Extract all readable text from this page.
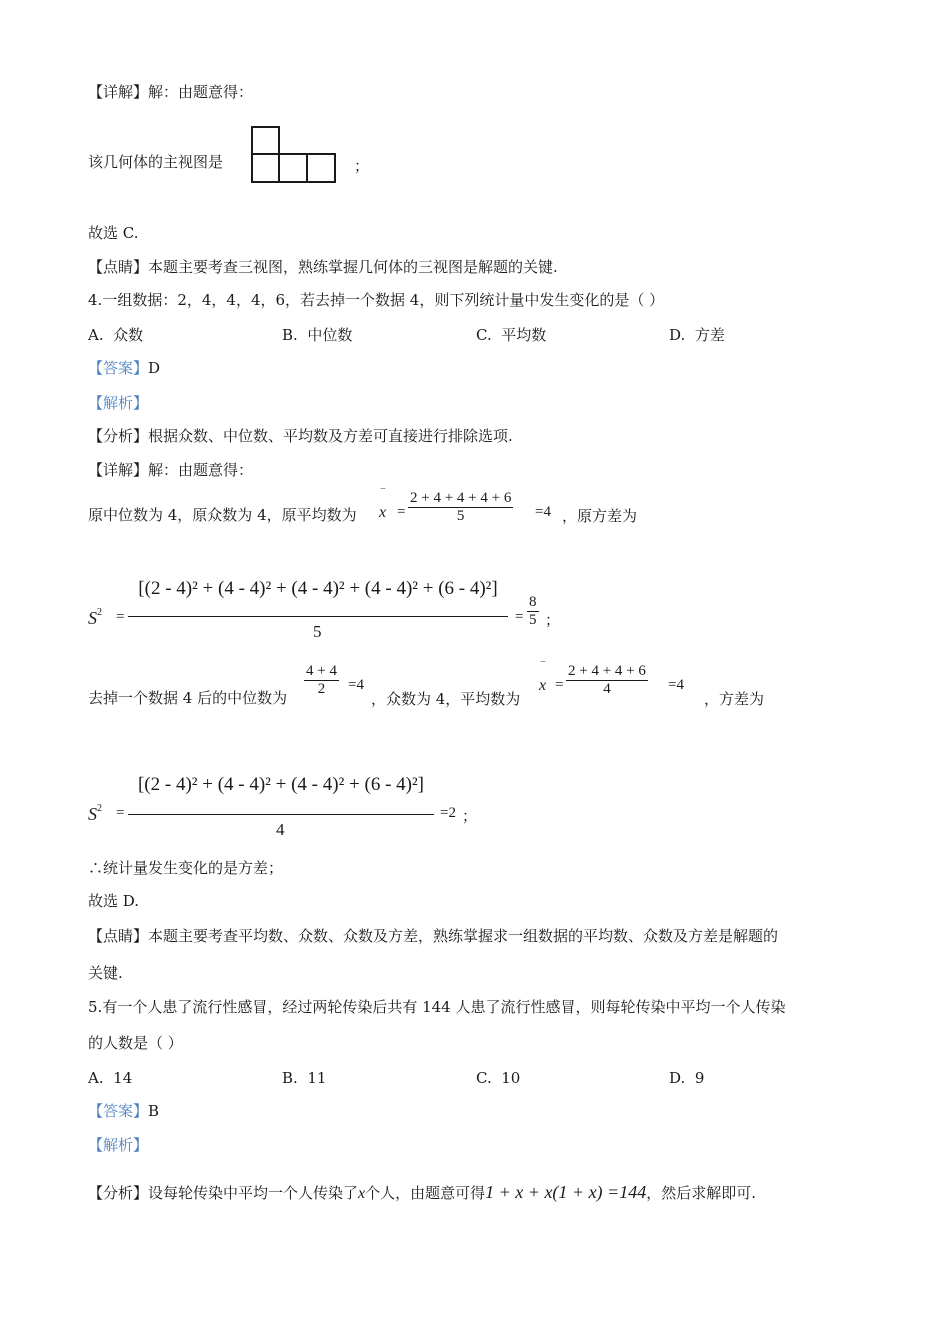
【详解】解：由题意得：
该几何体的主视图是	；
故选 C.
【点睛】本题主要考查三视图，熟练掌握几何体的三视图是解题的关键.
4.一组数据：2，4，4，4，6，若去掉一个数据 4，则下列统计量中发生变化的是（ ）
A. 众数	B. 中位数	C. 平均数	D. 方差
【答案】D
【解析】
【分析】根据众数、中位数、平均数及方差可直接进行排除选项.
【详解】解：由题意得：
原中位数为 4，原众数为 4，原平均数为 x
‾
= $\frac{2 + 4 + 4 + 4 + 6}{5} =4$ ，原方差为
$S^2$ =
[(2 - 4)² + (4 - 4)² + (4 - 4)² + (4 - 4)² + (6 - 4)²]
5
= $\frac{8}{5}$ ；
去掉一个数据 4 后的中位数为 $\frac{4 + 4}{2} =4$
，众数为 4，平均数为
x
‾
= $\frac{2 + 4 + 4 + 6}{4} =4$
，方差为
$S^2$ =
[(2 - 4)² + (4 - 4)² + (4 - 4)² + (6 - 4)²]
4
=2 ；
∴统计量发生变化的是方差；
故选 D.
【点睛】本题主要考查平均数、众数、众数及方差，熟练掌握求一组数据的平均数、众数及方差是解题的
关键.
5.有一个人患了流行性感冒，经过两轮传染后共有 144 人患了流行性感冒，则每轮传染中平均一个人传染
的人数是（ ）
A. 14	B. 11	C. 10	D. 9
【答案】B
【解析】
【分析】设每轮传染中平均一个人传染了x个人，由题意可得1 + x + x(1 + x) =144，然后求解即可.
